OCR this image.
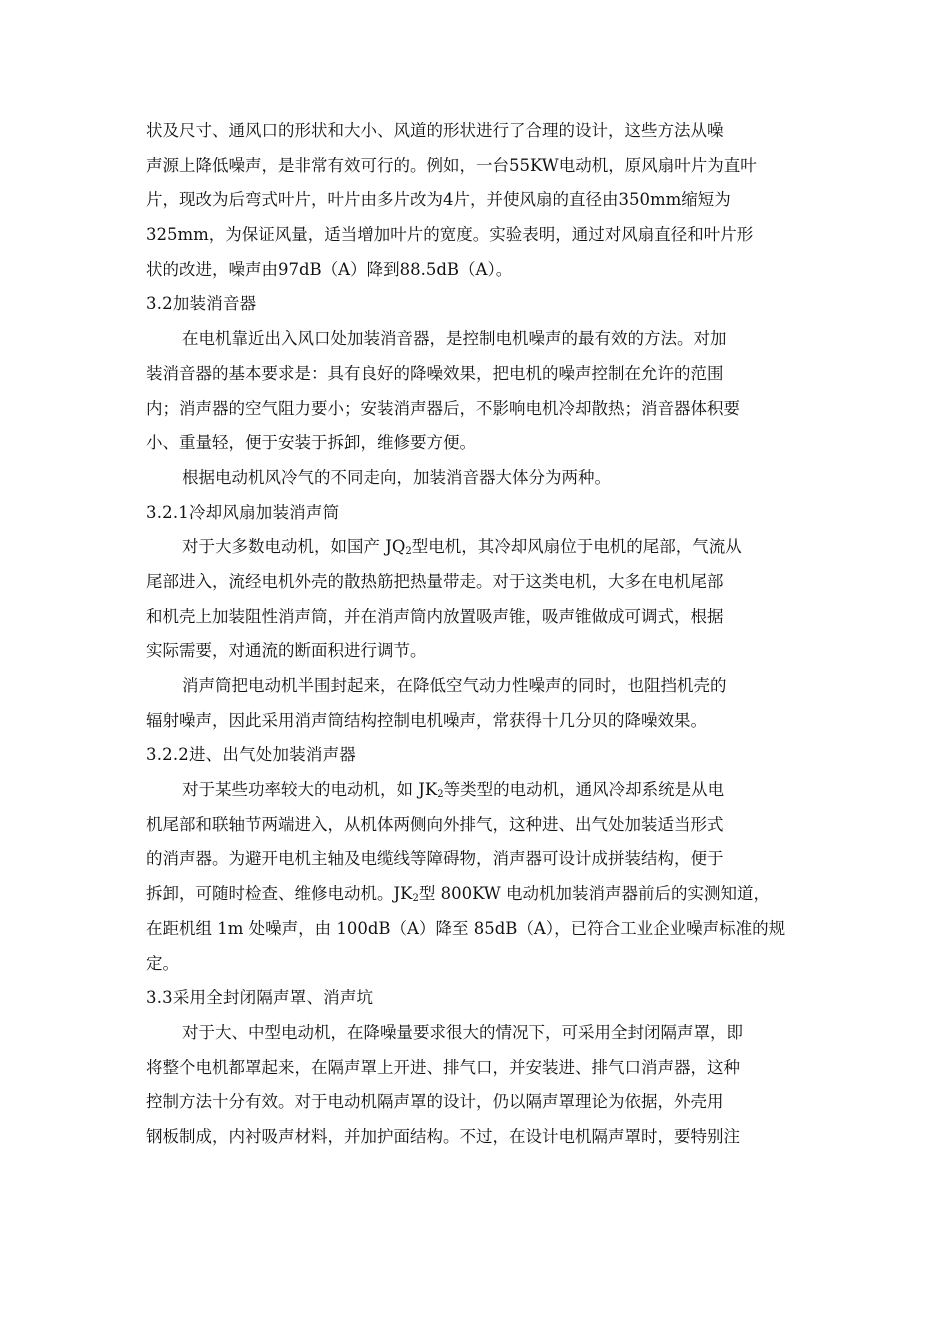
状及尺寸、通风口的形状和大小、风道的形状进行了合理的设计，这些方法从噪
声源上降低噪声，是非常有效可行的。例如，一台55KW电动机，原风扇叶片为直叶
片，现改为后弯式叶片，叶片由多片改为4片，并使风扇的直径由350mm缩短为
325mm，为保证风量，适当增加叶片的宽度。实验表明，通过对风扇直径和叶片形
状的改进，噪声由97dB（A）降到88.5dB（A）。
3.2加装消音器
在电机靠近出入风口处加装消音器，是控制电机噪声的最有效的方法。对加
装消音器的基本要求是：具有良好的降噪效果，把电机的噪声控制在允许的范围
内；消声器的空气阻力要小；安装消声器后，不影响电机冷却散热；消音器体积要
小、重量轻，便于安装于拆卸，维修要方便。
根据电动机风冷气的不同走向，加装消音器大体分为两种。
3.2.1冷却风扇加装消声筒
对于大多数电动机，如国产 $JQ_2$型电机，其冷却风扇位于电机的尾部，气流从
尾部进入，流经电机外壳的散热筋把热量带走。对于这类电机，大多在电机尾部
和机壳上加装阻性消声筒，并在消声筒内放置吸声锥，吸声锥做成可调式，根据
实际需要，对通流的断面积进行调节。
消声筒把电动机半围封起来，在降低空气动力性噪声的同时，也阻挡机壳的
辐射噪声，因此采用消声筒结构控制电机噪声，常获得十几分贝的降噪效果。
3.2.2进、出气处加装消声器
对于某些功率较大的电动机，如 $JK_2$等类型的电动机，通风冷却系统是从电
机尾部和联轴节两端进入，从机体两侧向外排气，这种进、出气处加装适当形式
的消声器。为避开电机主轴及电缆线等障碍物，消声器可设计成拼装结构，便于
拆卸，可随时检查、维修电动机。$JK_2$型 800KW 电动机加装消声器前后的实测知道，
在距机组 1m 处噪声，由 100dB（A）降至 85dB（A），已符合工业企业噪声标准的规
定。
3.3采用全封闭隔声罩、消声坑
对于大、中型电动机，在降噪量要求很大的情况下，可采用全封闭隔声罩，即
将整个电机都罩起来，在隔声罩上开进、排气口，并安装进、排气口消声器，这种
控制方法十分有效。对于电动机隔声罩的设计，仍以隔声罩理论为依据，外壳用
钢板制成，内衬吸声材料，并加护面结构。不过，在设计电机隔声罩时，要特别注
